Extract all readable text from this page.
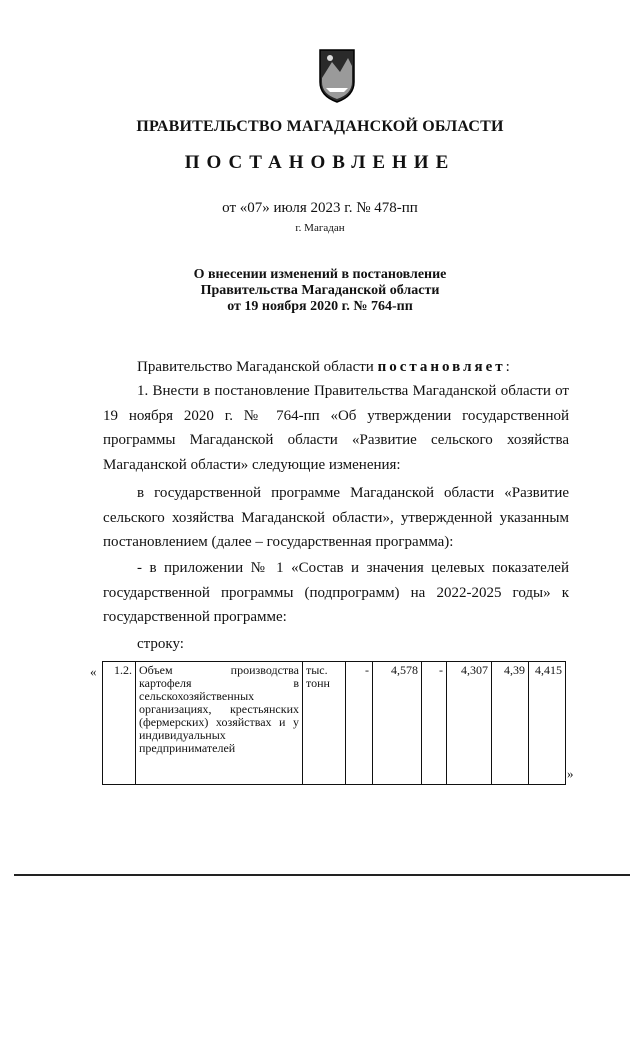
ПРАВИТЕЛЬСТВО МАГАДАНСКОЙ ОБЛАСТИ
ПОСТАНОВЛЕНИЕ
от «07» июля 2023 г. № 478-пп
г. Магадан
О внесении изменений в постановление
Правительства Магаданской области
от 19 ноября 2020 г. № 764-пп
Правительство Магаданской области постановляет:
1. Внести в постановление Правительства Магаданской области от 19 ноября 2020 г. № 764-пп «Об утверждении государственной программы Магаданской области «Развитие сельского хозяйства Магаданской области» следующие изменения:
в государственной программе Магаданской области «Развитие сельского хозяйства Магаданской области», утвержденной указанным постановлением (далее – государственная программа):
- в приложении № 1 «Состав и значения целевых показателей государственной программы (подпрограмм) на 2022-2025 годы» к государственной программе:
строку:
« 1.2.	Объем производства картофеля в сельскохозяйственных организациях, крестьянских (фермерских) хозяйствах и у индивидуальных предпринимателей	тыс. тонн	-	4,578	-	4,307	4,39	4,415
»
